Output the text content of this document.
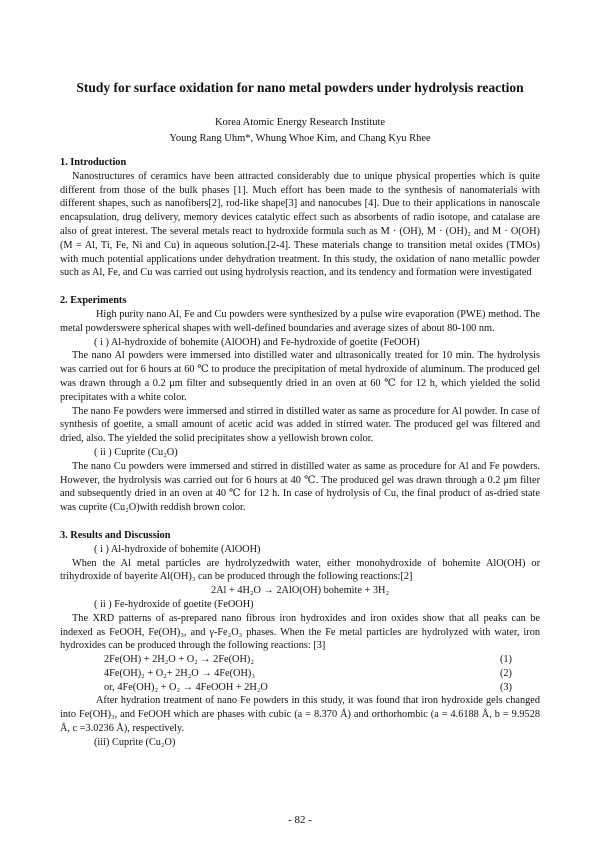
Study for surface oxidation for nano metal powders under hydrolysis reaction
Korea Atomic Energy Research Institute
Young Rang Uhm*, Whung Whoe Kim, and Chang Kyu Rhee

1. Introduction

Nanostructures of ceramics have been attracted considerably due to unique physical properties which is quite different from those of the bulk phases [1]. Much effort has been made to the synthesis of nanomaterials with different shapes, such as nanofibers[2], rod-like shape[3] and nanocubes [4]. Due to their applications in nanoscale encapsulation, drug delivery, memory devices catalytic effect such as absorbents of radio isotope, and catalase are also of great interest. The several metals react to hydroxide formula such as M · (OH), M · (OH)₂ and M · O(OH) (M = Al, Ti, Fe, Ni and Cu) in aqueous solution.[2-4]. These materials change to transition metal oxides (TMOs) with much potential applications under dehydration treatment. In this study, the oxidation of nano metallic powder such as Al, Fe, and Cu was carried out using hydrolysis reaction, and its tendency and formation were investigated

2. Experiments

High purity nano Al, Fe and Cu powders were synthesized by a pulse wire evaporation (PWE) method. The metal powderswere spherical shapes with well-defined boundaries and average sizes of about 80-100 nm.

( i ) Al-hydroxide of bohemite (AlOOH) and Fe-hydroxide of goetite (FeOOH)

The nano Al powders were immersed into distilled water and ultrasonically treated for 10 min. The hydrolysis was carried out for 6 hours at 60 ℃ to produce the precipitation of metal hydroxide of aluminum. The produced gel was drawn through a 0.2 μm filter and subsequently dried in an oven at 60 ℃ for 12 h, which yielded the solid precipitates with a white color.

The nano Fe powders were immersed and stirred in distilled water as same as procedure for Al powder. In case of synthesis of goetite, a small amount of acetic acid was added in stirred water. The produced gel was filtered and dried, also. The yielded the solid precipitates show a yellowish brown color.

( ii ) Cuprite (Cu₂O)

The nano Cu powders were immersed and stirred in distilled water as same as procedure for Al and Fe powders. However, the hydrolysis was carried out for 6 hours at 40 ℃. The produced gel was drawn through a 0.2 μm filter and subsequently dried in an oven at 40 ℃ for 12 h. In case of hydrolysis of Cu, the final product of as-dried state was cuprite (Cu₂O)with reddish brown color.

3. Results and Discussion

( i ) Al-hydroxide of bohemite (AlOOH)

When the Al metal particles are hydrolyzedwith water, either monohydroxide of bohemite AlO(OH) or trihydroxide of bayerite Al(OH)₃ can be produced through the following reactions:[2]

2Al + 4H₂O → 2AlO(OH) bohemite + 3H₂

( ii ) Fe-hydroxide of goetite (FeOOH)

The XRD patterns of as-prepared nano fibrous iron hydroxides and iron oxides show that all peaks can be indexed as FeOOH, Fe(OH)₃, and γ-Fe₂O₃ phases. When the Fe metal particles are hydrolyzed with water, iron hydroxides can be produced through the following reactions: [3]

2Fe(OH) + 2H₂O + O₂ → 2Fe(OH)₂	(1)
4Fe(OH)₂ + O₂+ 2H₂O → 4Fe(OH)₃	(2)
or, 4Fe(OH)₂ + O₂ → 4FeOOH + 2H₂O	(3)

After hydration treatment of nano Fe powders in this study, it was found that iron hydroxide gels changed into Fe(OH)₃, and FeOOH which are phases with cubic (a = 8.370 Å) and orthorhombic (a = 4.6188 Å, b = 9.9528 Å, c =3.0236 Å), respectively.

(iii) Cuprite (Cu₂O)

- 82 -
